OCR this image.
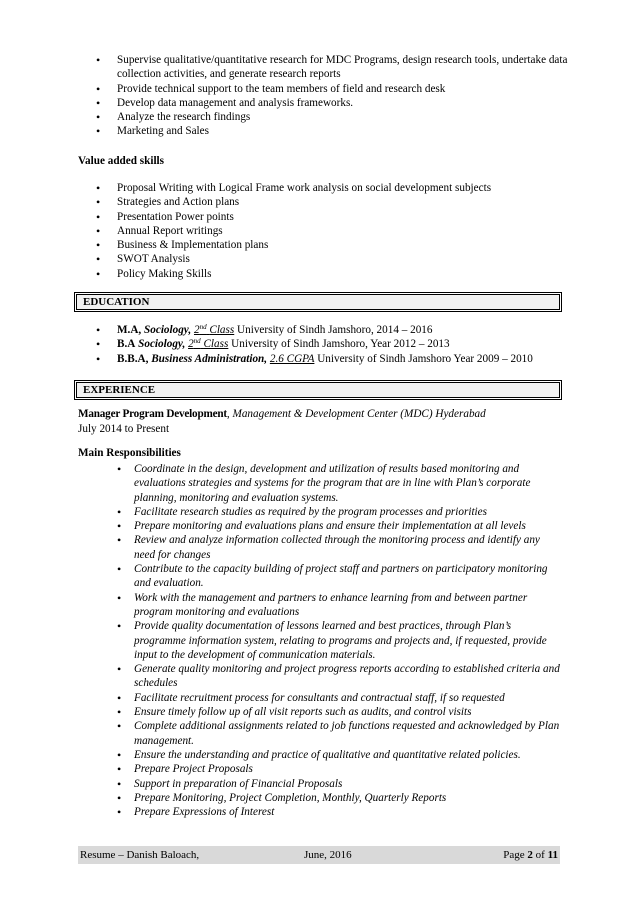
• Supervise qualitative/quantitative research for MDC Programs, design research tools, undertake data collection activities, and generate research reports
• Provide technical support to the team members of field and research desk
• Develop data management and analysis frameworks.
• Analyze the research findings
• Marketing and Sales
Value added skills
• Proposal Writing with Logical Frame work analysis on social development subjects
• Strategies and Action plans
• Presentation Power points
• Annual Report writings
• Business & Implementation plans
• SWOT Analysis
• Policy Making Skills
EDUCATION
• M.A, Sociology, 2nd Class University of Sindh Jamshoro, 2014 – 2016
• B.A Sociology, 2nd Class University of Sindh Jamshoro, Year 2012 – 2013
• B.B.A, Business Administration, 2.6 CGPA University of Sindh Jamshoro Year 2009 – 2010
EXPERIENCE
Manager Program Development, Management & Development Center (MDC) Hyderabad
July 2014 to Present
Main Responsibilities
• Coordinate in the design, development and utilization of results based monitoring and evaluations strategies and systems for the program that are in line with Plan’s corporate planning, monitoring and evaluation systems.
• Facilitate research studies as required by the program processes and priorities
• Prepare monitoring and evaluations plans and ensure their implementation at all levels
• Review and analyze information collected through the monitoring process and identify any need for changes
• Contribute to the capacity building of project staff and partners on participatory monitoring and evaluation.
• Work with the management and partners to enhance learning from and between partner program monitoring and evaluations
• Provide quality documentation of lessons learned and best practices, through Plan’s programme information system, relating to programs and projects and, if requested, provide input to the development of communication materials.
• Generate quality monitoring and project progress reports according to established criteria and schedules
• Facilitate recruitment process for consultants and contractual staff, if so requested
• Ensure timely follow up of all visit reports such as audits, and control visits
• Complete additional assignments related to job functions requested and acknowledged by Plan management.
• Ensure the understanding and practice of qualitative and quantitative related policies.
• Prepare Project Proposals
• Support in preparation of Financial Proposals
• Prepare Monitoring, Project Completion, Monthly, Quarterly Reports
• Prepare Expressions of Interest
Resume – Danish Baloach,	June, 2016	Page 2 of 11
